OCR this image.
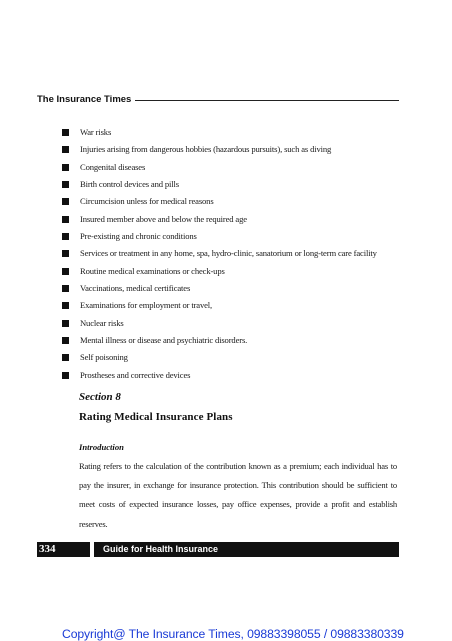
The Insurance Times
War risks
Injuries arising from dangerous hobbies (hazardous pursuits), such as diving
Congenital diseases
Birth control devices and pills
Circumcision unless for medical reasons
Insured member above and below the required age
Pre-existing and chronic conditions
Services or treatment in any home, spa, hydro-clinic, sanatorium or long-term care facility
Routine medical examinations or check-ups
Vaccinations, medical certificates
Examinations for employment or travel,
Nuclear risks
Mental illness or disease and psychiatric disorders.
Self poisoning
Prostheses and corrective devices
Section 8
Rating Medical Insurance Plans
Introduction

Rating refers to the calculation of the contribution known as a premium; each individual has to pay the insurer, in exchange for insurance protection. This contribution should be sufficient to meet costs of expected insurance losses, pay office expenses, provide a profit and establish reserves.

334	Guide for Health Insurance
Copyright@ The Insurance Times, 09883398055 / 09883380339
